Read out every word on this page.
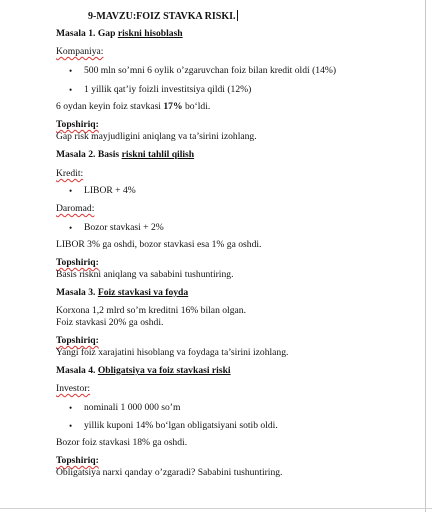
9-MAVZU:FOIZ STAVKA RISKI.
Masala 1. Gap riskni hisoblash
Kompaniya:
• 500 mln so’mni 6 oylik o’zgaruvchan foiz bilan kredit oldi (14%)
• 1 yillik qat’iy foizli investitsiya qildi (12%)
6 oydan keyin foiz stavkasi 17% bo‘ldi.
Topshiriq:
Gap risk mayjudligini aniqlang va ta’sirini izohlang.
Masala 2. Basis riskni tahlil qilish
Kredit:
• LIBOR + 4%
Daromad:
• Bozor stavkasi + 2%
LIBOR 3% ga oshdi, bozor stavkasi esa 1% ga oshdi.
Topshiriq:
Basis riskni aniqlang va sababini tushuntiring.
Masala 3. Foiz stavkasi va foyda
Korxona 1,2 mlrd so’m kreditni 16% bilan olgan.
Foiz stavkasi 20% ga oshdi.
Topshiriq:
Yangi foiz xarajatini hisoblang va foydaga ta’sirini izohlang.
Masala 4. Obligatsiya va foiz stavkasi riski
Investor:
• nominali 1 000 000 so’m
• yillik kuponi 14% bo‘lgan obligatsiyani sotib oldi.
Bozor foiz stavkasi 18% ga oshdi.
Topshiriq:
Obligatsiya narxi qanday o’zgaradi? Sababini tushuntiring.
